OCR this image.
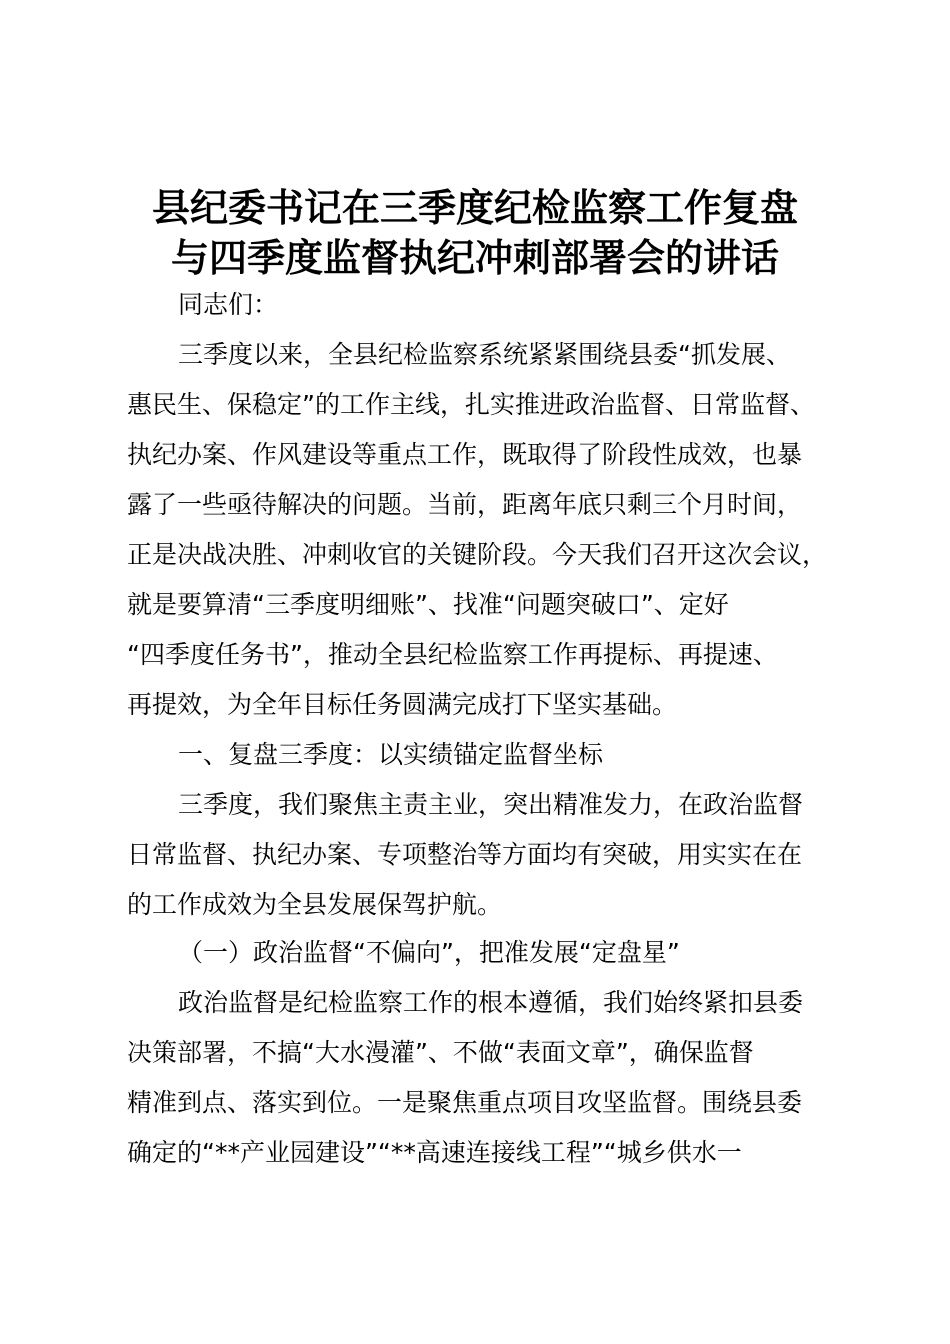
县纪委书记在三季度纪检监察工作复盘
与四季度监督执纪冲刺部署会的讲话
同志们：
三季度以来，全县纪检监察系统紧紧围绕县委“抓发展、
惠民生、保稳定”的工作主线，扎实推进政治监督、日常监督、
执纪办案、作风建设等重点工作，既取得了阶段性成效，也暴
露了一些亟待解决的问题。当前，距离年底只剩三个月时间，
正是决战决胜、冲刺收官的关键阶段。今天我们召开这次会议，
就是要算清“三季度明细账”、找准“问题突破口”、定好
“四季度任务书”，推动全县纪检监察工作再提标、再提速、
再提效，为全年目标任务圆满完成打下坚实基础。
一、复盘三季度：以实绩锚定监督坐标
三季度，我们聚焦主责主业，突出精准发力，在政治监督
日常监督、执纪办案、专项整治等方面均有突破，用实实在在
的工作成效为全县发展保驾护航。
（一）政治监督“不偏向”，把准发展“定盘星”
政治监督是纪检监察工作的根本遵循，我们始终紧扣县委
决策部署，不搞“大水漫灌”、不做“表面文章”，确保监督
精准到点、落实到位。一是聚焦重点项目攻坚监督。围绕县委
确定的“**产业园建设”“**高速连接线工程”“城乡供水一
